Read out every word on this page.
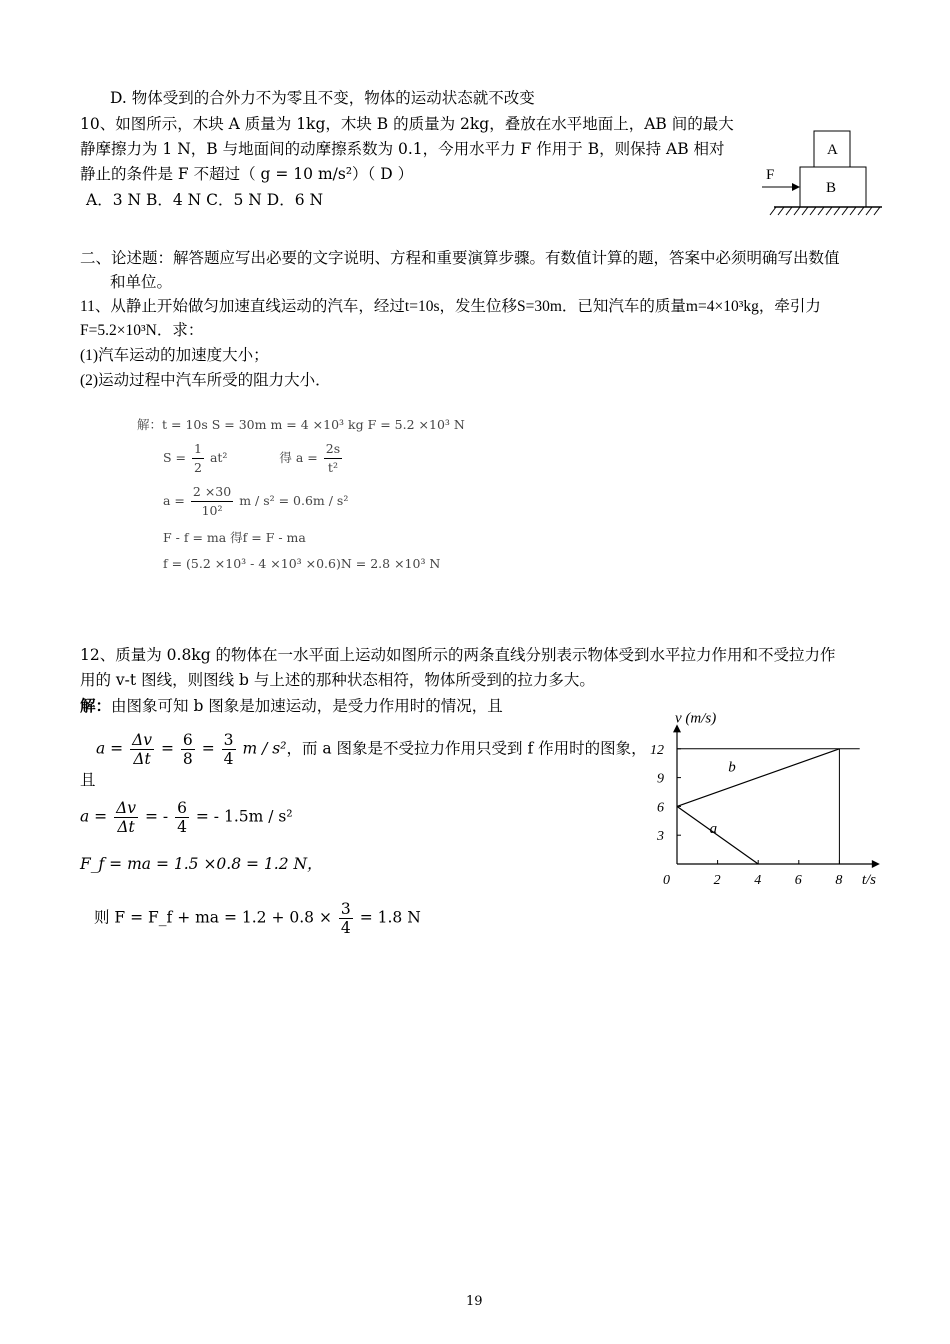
D. 物体受到的合外力不为零且不变，物体的运动状态就不改变
10、如图所示，木块 A 质量为 1kg，木块 B 的质量为 2kg，叠放在水平地面上，AB 间的最大
静摩擦力为 1 N，B 与地面间的动摩擦系数为 0.1，今用水平力 F 作用于 B，则保持 AB 相对
静止的条件是 F 不超过（ g = 10 m/s²）（ D ）
A．3 N B．4 N C．5 N D．6 N
A
B
F
二、论述题：解答题应写出必要的文字说明、方程和重要演算步骤。有数值计算的题，答案中必须明确写出数值
和单位。
11、从静止开始做匀加速直线运动的汽车，经过t=10s，发生位移S=30m．已知汽车的质量m=4×10³kg，牵引力
F=5.2×10³N．求：
(1)汽车运动的加速度大小；
(2)运动过程中汽车所受的阻力大小．
解：t = 10s S = 30m m = 4 ×10³ kg F = 5.2 ×10³ N
$S = \frac{1}{2} at^2$	得 $a = \frac{2s}{\text{t²}}$
$a = \frac{2 \times 30}{\text{10²}}$ m / s² = 0.6m / s²
F - f = ma 得f = F - ma
f = (5.2 ×10³ - 4 ×10³ ×0.6)N = 2.8 ×10³ N
12、质量为 0.8kg 的物体在一水平面上运动如图所示的两条直线分别表示物体受到水平拉力作用和不受拉力作
用的 v-t 图线，则图线 b 与上述的那种状态相符，物体所受到的拉力多大。
解：由图象可知 b 图象是加速运动，是受力作用时的情况，且
$a = \frac{\Delta v}{\Delta t} = \frac{6}{8} = \frac{3}{4}$ m / s²，而 a 图象是不受拉力作用只受到 f 作用时的图象，
且
$a = \frac{\Delta v}{\Delta t}$ = - $\frac{6}{4}$ = - 1.5m / s²
F_f = ma = 1.5 ×0.8 = 1.2 N，
则 F = F_f + ma = $1.2 + 0.8 \times \frac{3}{4} = 1.8$ N
0	2 4 6 8
3
6
9
12
b
a
v (m/s)
t/s
19
